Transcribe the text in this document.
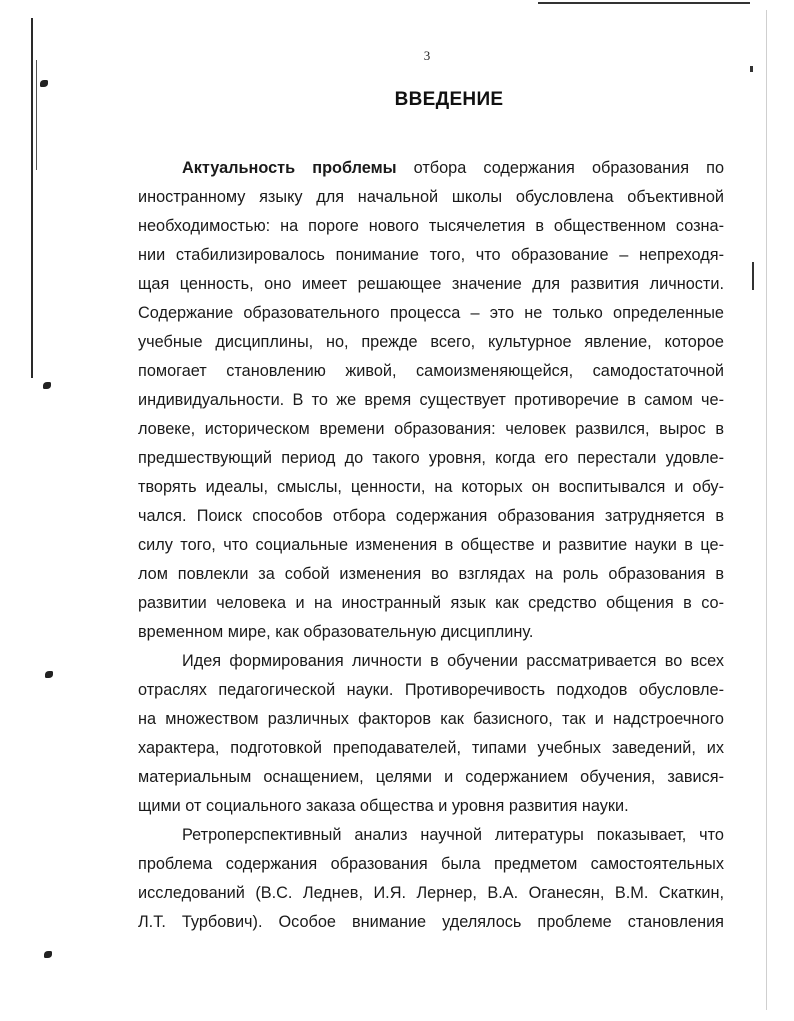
3
ВВЕДЕНИЕ
Актуальность проблемы отбора содержания образования по
иностранному языку для начальной школы обусловлена объективной
необходимостью: на пороге нового тысячелетия в общественном созна-
нии стабилизировалось понимание того, что образование – непреходя-
щая ценность, оно имеет решающее значение для развития личности.
Содержание образовательного процесса – это не только определенные
учебные дисциплины, но, прежде всего, культурное явление, которое
помогает становлению живой, самоизменяющейся, самодостаточной
индивидуальности. В то же время существует противоречие в самом че-
ловеке, историческом времени образования: человек развился, вырос в
предшествующий период до такого уровня, когда его перестали удовле-
творять идеалы, смыслы, ценности, на которых он воспитывался и обу-
чался. Поиск способов отбора содержания образования затрудняется в
силу того, что социальные изменения в обществе и развитие науки в це-
лом повлекли за собой изменения во взглядах на роль образования в
развитии человека и на иностранный язык как средство общения в со-
временном мире, как образовательную дисциплину.
Идея формирования личности в обучении рассматривается во всех
отраслях педагогической науки. Противоречивость подходов обусловле-
на множеством различных факторов как базисного, так и надстроечного
характера, подготовкой преподавателей, типами учебных заведений, их
материальным оснащением, целями и содержанием обучения, завися-
щими от социального заказа общества и уровня развития науки.
Ретроперспективный анализ научной литературы показывает, что
проблема содержания образования была предметом самостоятельных
исследований (В.С. Леднев, И.Я. Лернер, В.А. Оганесян, В.М. Скаткин,
Л.Т. Турбович). Особое внимание уделялось проблеме становления
